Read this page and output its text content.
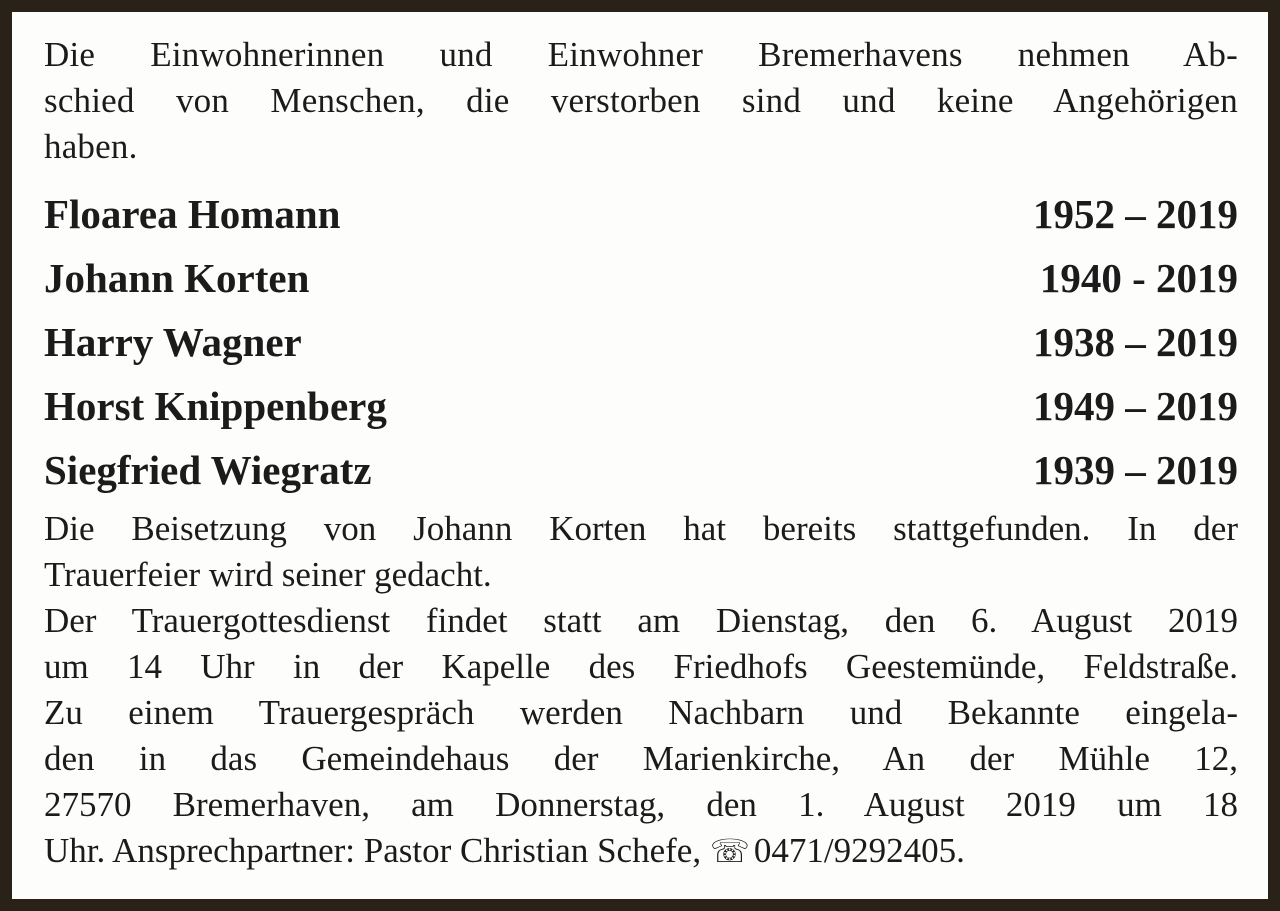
Die Einwohnerinnen und Einwohner Bremerhavens nehmen Ab-
schied von Menschen, die verstorben sind und keine Angehörigen
haben.
Floarea Homann	1952 – 2019
Johann Korten	1940 - 2019
Harry Wagner	1938 – 2019
Horst Knippenberg	1949 – 2019
Siegfried Wiegratz	1939 – 2019
Die Beisetzung von Johann Korten hat bereits stattgefunden. In der
Trauerfeier wird seiner gedacht.
Der Trauergottesdienst findet statt am Dienstag, den 6. August 2019
um 14 Uhr in der Kapelle des Friedhofs Geestemünde, Feldstraße.
Zu einem Trauergespräch werden Nachbarn und Bekannte eingela-
den in das Gemeindehaus der Marienkirche, An der Mühle 12,
27570 Bremerhaven, am Donnerstag, den 1. August 2019 um 18
Uhr. Ansprechpartner: Pastor Christian Schefe, ☏ 0471/9292405.
